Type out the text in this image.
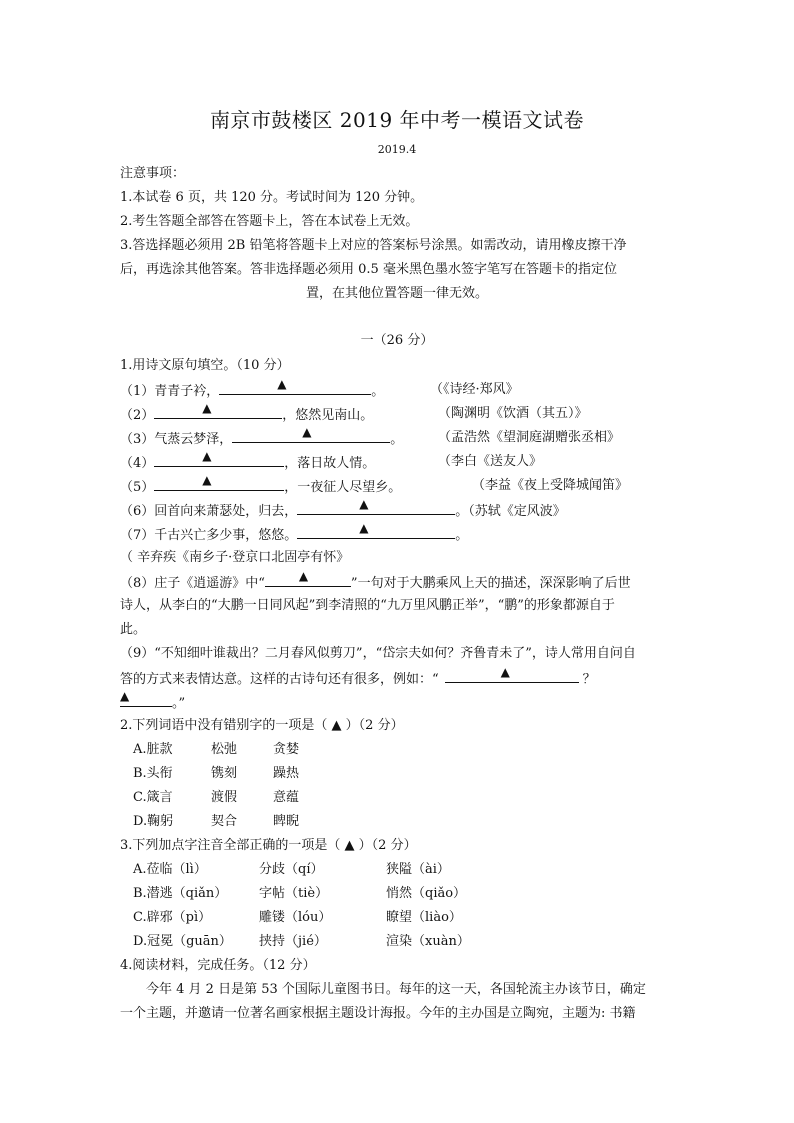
南京市鼓楼区 2019 年中考一模语文试卷
2019.4
注意事项：
1.本试卷 6 页，共 120 分。考试时间为 120 分钟。
2.考生答题全部答在答题卡上，答在本试卷上无效。
3.答选择题必须用 2B 铅笔将答题卡上对应的答案标号涂黑。如需改动，请用橡皮擦干净
后，再选涂其他答案。答非选择题必须用 0.5 毫米黑色墨水签字笔写在答题卡的指定位
置，在其他位置答题一律无效。
一（26 分）
1.用诗文原句填空。（10 分）
（1）青青子衿，	▲	。	（《诗经·郑风》
（2）	▲	，悠然见南山。	（陶渊明《饮酒（其五）》
（3）气蒸云梦泽，	▲	。	（孟浩然《望洞庭湖赠张丞相》
（4）	▲	，落日故人情。	（李白《送友人》
（5）	▲	，一夜征人尽望乡。	（李益《夜上受降城闻笛》
（6）回首向来萧瑟处，归去，	▲	。（苏轼《定风波》
（7）千古兴亡多少事，悠悠。	▲	。
（ 辛弃疾《南乡子·登京口北固亭有怀》
（8）庄子《逍遥游》中“	▲	”一句对于大鹏乘风上天的描述，深深影响了后世
诗人，从李白的“大鹏一日同风起”到李清照的“九万里风鹏正举”，“鹏”的形象都源自于
此。
（9）“不知细叶谁裁出？二月春风似剪刀”，“岱宗夫如何？齐鲁青未了”，诗人常用自问自
答的方式来表情达意。这样的古诗句还有很多，例如：“	▲	？
▲	。”
2.下列词语中没有错别字的一项是（ ▲ ）（2 分）
A.脏款	松弛	贪婪
B.头衔	镌刻	躁热
C.箴言	渡假	意蕴
D.鞠躬	契合	睥睨
3.下列加点字注音全部正确的一项是（ ▲ ）（2 分）
A.莅临（lì）	分歧（qí）	狭隘（ài）
B.潜逃（qiǎn） 字帖（tiè）	悄然（qiǎo）
C.辟邪（pì）	雕镂（lóu）	瞭望（liào）
D.冠冕（guān） 挟持（jié）	渲染（xuàn）
4.阅读材料，完成任务。（12 分）
今年 4 月 2 日是第 53 个国际儿童图书日。每年的这一天，各国轮流主办该节日，确定
一个主题，并邀请一位著名画家根据主题设计海报。今年的主办国是立陶宛，主题为: 书籍
